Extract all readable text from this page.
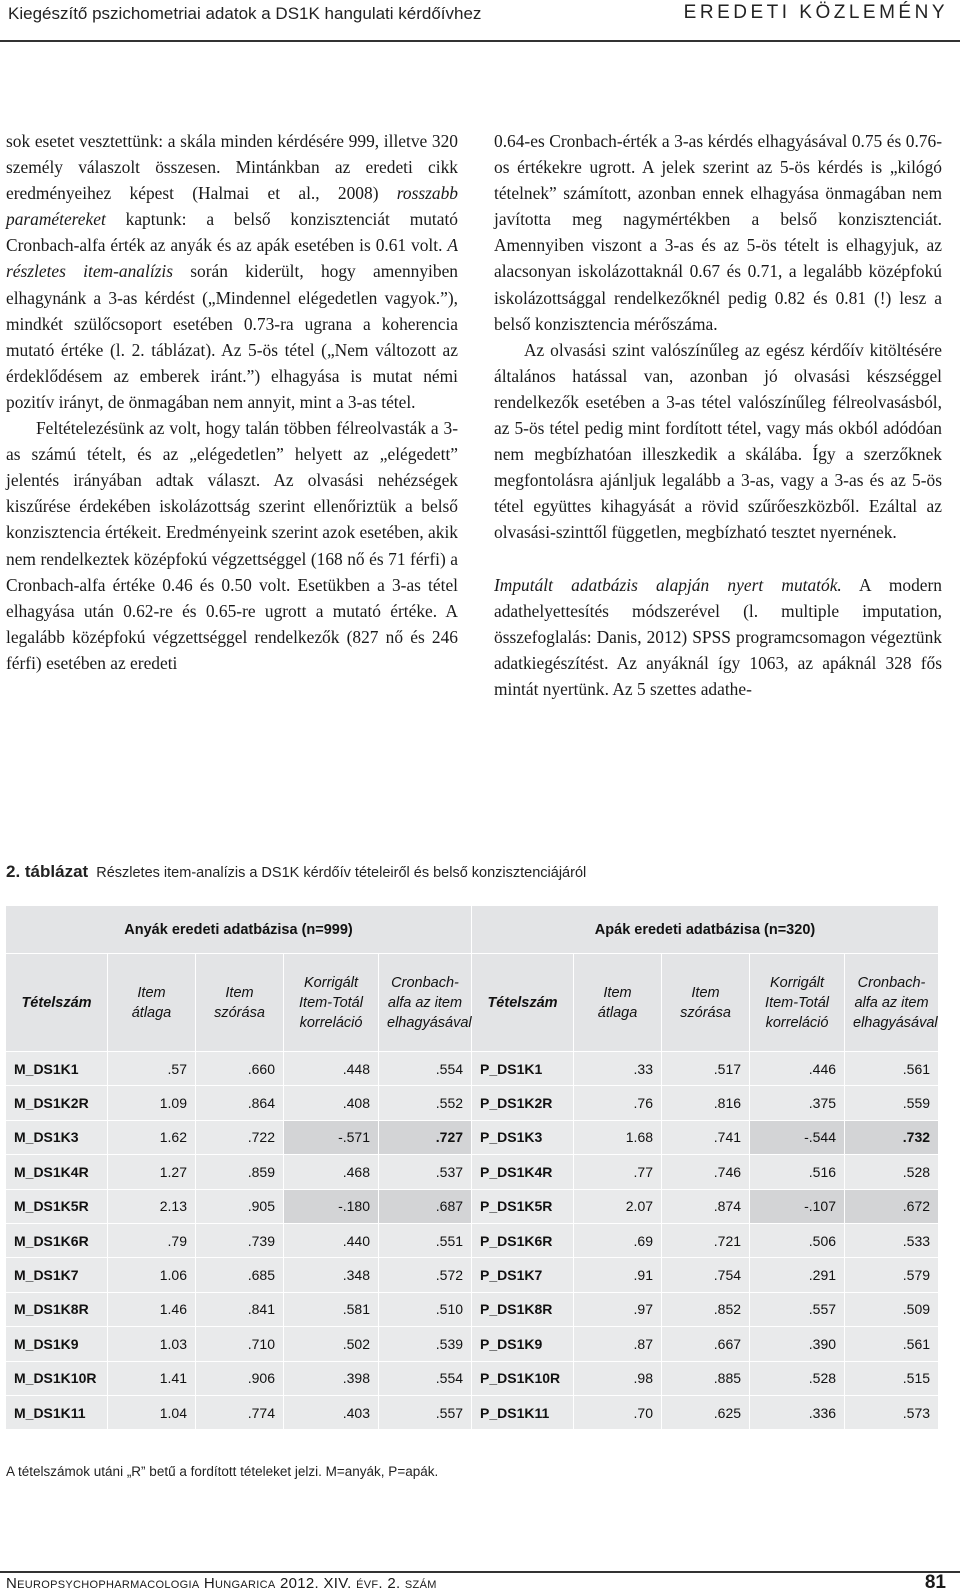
Kiegészítő pszichometriai adatok a DS1K hangulati kérdőívhez	EREDETI KÖZLEMÉNY

sok esetet vesztettünk: a skála minden kérdésére 999, illetve 320 személy válaszolt összesen. Mintánkban az eredeti cikk eredményeihez képest (Halmai et al., 2008) rosszabb paramétereket kaptunk: a belső konzisztenciát mutató Cronbach-alfa érték az anyák és az apák esetében is 0.61 volt. A részletes item-analízis során kiderült, hogy amennyiben elhagynánk a 3-as kérdést („Mindennel elégedetlen vagyok.”), mindkét szülőcsoport esetében 0.73-ra ugrana a koherencia mutató értéke (l. 2. táblázat). Az 5-ös tétel („Nem változott az érdeklődésem az emberek iránt.”) elhagyása is mutat némi pozitív irányt, de önmagában nem annyit, mint a 3-as tétel.

Feltételezésünk az volt, hogy talán többen félreolvasták a 3-as számú tételt, és az „elégedetlen” helyett az „elégedett” jelentés irányában adtak választ. Az olvasási nehézségek kiszűrése érdekében iskolázottság szerint ellenőriztük a belső konzisztencia értékeit. Eredményeink szerint azok esetében, akik nem rendelkeztek középfokú végzettséggel (168 nő és 71 férfi) a Cronbach-alfa értéke 0.46 és 0.50 volt. Esetükben a 3-as tétel elhagyása után 0.62-re és 0.65-re ugrott a mutató értéke. A legalább középfokú végzettséggel rendelkezők (827 nő és 246 férfi) esetében az eredeti

0.64-es Cronbach-érték a 3-as kérdés elhagyásával 0.75 és 0.76-os értékekre ugrott. A jelek szerint az 5-ös kérdés is „kilógó tételnek” számított, azonban ennek elhagyása önmagában nem javította meg nagymértékben a belső konzisztenciát. Amennyiben viszont a 3-as és az 5-ös tételt is elhagyjuk, az alacsonyan iskolázottaknál 0.67 és 0.71, a legalább középfokú iskolázottsággal rendelkezőknél pedig 0.82 és 0.81 (!) lesz a belső konzisztencia mérőszáma.

Az olvasási szint valószínűleg az egész kérdőív kitöltésére általános hatással van, azonban jó olvasási készséggel rendelkezők esetében a 3-as tétel valószínűleg félreolvasásból, az 5-ös tétel pedig mint fordított tétel, vagy más okból adódóan nem megbízhatóan illeszkedik a skálába. Így a szerzőknek megfontolásra ajánljuk legalább a 3-as, vagy a 3-as és az 5-ös tétel együttes kihagyását a rövid szűrőeszközből. Ezáltal az olvasási-szinttől független, megbízható tesztet nyernének.

Imputált adatbázis alapján nyert mutatók. A modern adathelyettesítés módszerével (l. multiple imputation, összefoglalás: Danis, 2012) SPSS programcsomagon végeztünk adatkiegészítést. Az anyáknál így 1063, az apáknál 328 fős mintát nyertünk. Az 5 szettes adathe-

2. táblázat Részletes item-analízis a DS1K kérdőív tételeiről és belső konzisztenciájáról
Anyák eredeti adatbázisa (n=999)					Apák eredeti adatbázisa (n=320)				
Tételszám	Item átlaga	Item szórása	Korrigált Item-Totál korreláció	Cronbach-alfa az item elhagyásával	Tételszám	Item átlaga	Item szórása	Korrigált Item-Totál korreláció	Cronbach-alfa az item elhagyásával
M_DS1K1	.57	.660	.448	.554	P_DS1K1	.33	.517	.446	.561
M_DS1K2R	1.09	.864	.408	.552	P_DS1K2R	.76	.816	.375	.559
M_DS1K3	1.62	.722	-.571	.727	P_DS1K3	1.68	.741	-.544	.732
M_DS1K4R	1.27	.859	.468	.537	P_DS1K4R	.77	.746	.516	.528
M_DS1K5R	2.13	.905	-.180	.687	P_DS1K5R	2.07	.874	-.107	.672
M_DS1K6R	.79	.739	.440	.551	P_DS1K6R	.69	.721	.506	.533
M_DS1K7	1.06	.685	.348	.572	P_DS1K7	.91	.754	.291	.579
M_DS1K8R	1.46	.841	.581	.510	P_DS1K8R	.97	.852	.557	.509
M_DS1K9	1.03	.710	.502	.539	P_DS1K9	.87	.667	.390	.561
M_DS1K10R	1.41	.906	.398	.554	P_DS1K10R	.98	.885	.528	.515
M_DS1K11	1.04	.774	.403	.557	P_DS1K11	.70	.625	.336	.573
A tételszámok utáni „R” betű a fordított tételeket jelzi. M=anyák, P=apák.
Neuropsychopharmacologia Hungarica 2012. XIV. évf. 2. szám	81
